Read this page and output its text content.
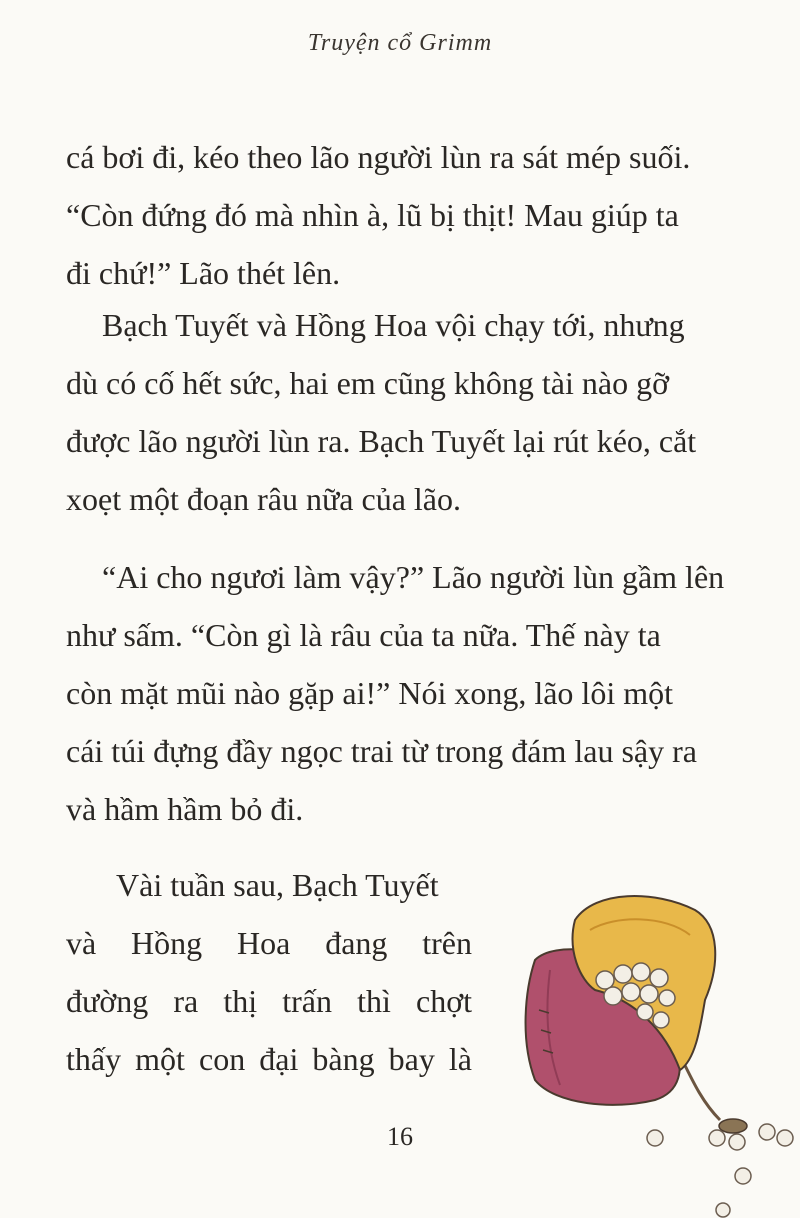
Truyện cổ Grimm
cá bơi đi, kéo theo lão người lùn ra sát mép suối.
“Còn đứng đó mà nhìn à, lũ bị thịt! Mau giúp ta
đi chứ!” Lão thét lên.
Bạch Tuyết và Hồng Hoa vội chạy tới, nhưng
dù có cố hết sức, hai em cũng không tài nào gỡ
được lão người lùn ra. Bạch Tuyết lại rút kéo, cắt
xoẹt một đoạn râu nữa của lão.
“Ai cho ngươi làm vậy?” Lão người lùn gầm lên
như sấm. “Còn gì là râu của ta nữa. Thế này ta
còn mặt mũi nào gặp ai!” Nói xong, lão lôi một
cái túi đựng đầy ngọc trai từ trong đám lau sậy ra
và hầm hầm bỏ đi.
Vài tuần sau, Bạch Tuyết
và Hồng Hoa đang trên
đường ra thị trấn thì chợt
thấy một con đại bàng bay là
16
